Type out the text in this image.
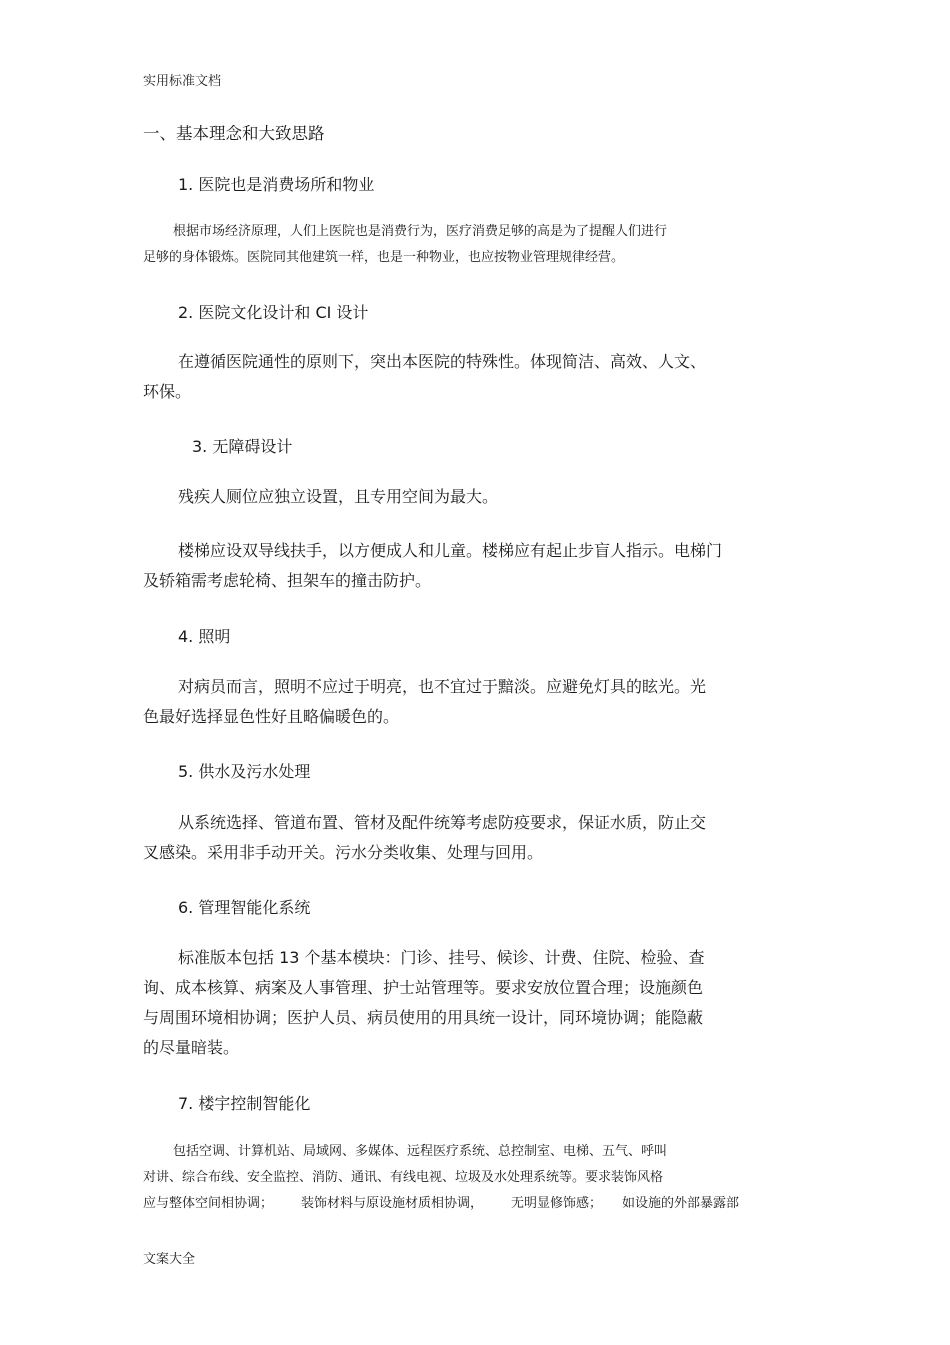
实用标准文档

一、基本理念和大致思路

1. 医院也是消费场所和物业

根据市场经济原理，人们上医院也是消费行为，医疗消费足够的高是为了提醒人们进行
足够的身体锻炼。医院同其他建筑一样，也是一种物业，也应按物业管理规律经营。

2. 医院文化设计和 CI 设计

在遵循医院通性的原则下，突出本医院的特殊性。体现简洁、高效、人文、
环保。

3. 无障碍设计

残疾人厕位应独立设置，且专用空间为最大。

楼梯应设双导线扶手，以方便成人和儿童。楼梯应有起止步盲人指示。电梯门
及轿箱需考虑轮椅、担架车的撞击防护。

4. 照明

对病员而言，照明不应过于明亮，也不宜过于黯淡。应避免灯具的眩光。光
色最好选择显色性好且略偏暖色的。

5. 供水及污水处理

从系统选择、管道布置、管材及配件统筹考虑防疫要求，保证水质，防止交
叉感染。采用非手动开关。污水分类收集、处理与回用。

6. 管理智能化系统

标准版本包括 13 个基本模块：门诊、挂号、候诊、计费、住院、检验、查
询、成本核算、病案及人事管理、护士站管理等。要求安放位置合理；设施颜色
与周围环境相协调；医护人员、病员使用的用具统一设计，同环境协调；能隐蔽
的尽量暗装。

7. 楼宇控制智能化

包括空调、计算机站、局域网、多媒体、远程医疗系统、总控制室、电梯、五气、呼叫
对讲、综合布线、安全监控、消防、通讯、有线电视、垃圾及水处理系统等。要求装饰风格
应与整体空间相协调； 装饰材料与原设施材质相协调， 无明显修饰感； 如设施的外部暴露部

文案大全
